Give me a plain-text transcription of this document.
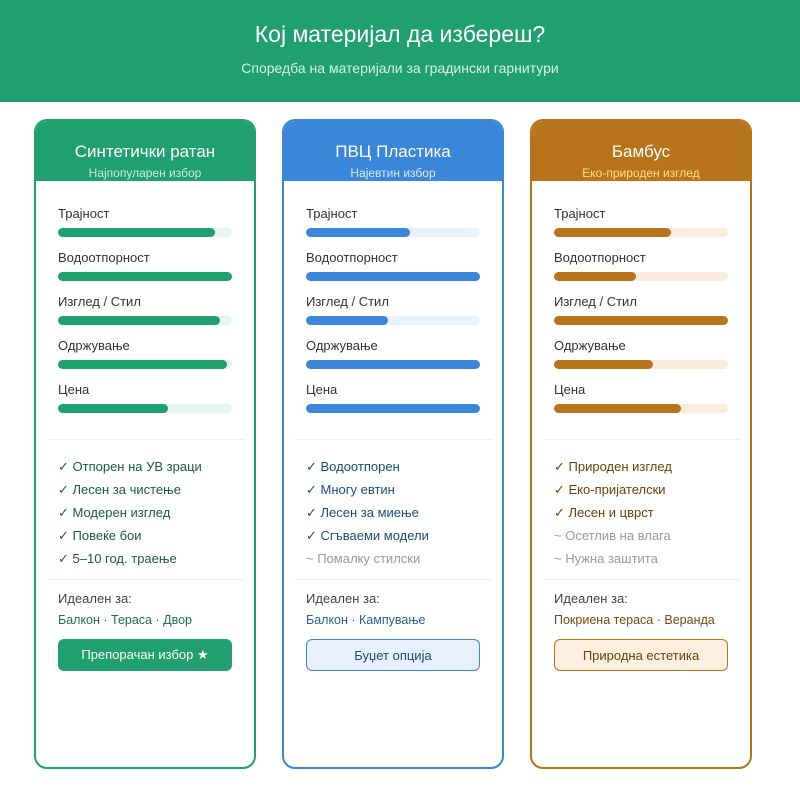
Кој материјал да избереш?
Споредба на материјали за градински гарнитури
Синтетички ратан
Најпопуларен избор
Трајност
Водоотпорност
Изглед / Стил
Одржување
Цена
✓ Отпорен на УВ зраци
✓ Лесен за чистење
✓ Модерен изглед
✓ Повеќе бои
✓ 5–10 год. траење
Идеален за:
Балкон · Тераса · Двор
Препорачан избор ★
ПВЦ Пластика
Најевтин избор
Трајност
Водоотпорност
Изглед / Стил
Одржување
Цена
✓ Водоотпорен
✓ Многу евтин
✓ Лесен за миење
✓ Сгъваеми модели
~ Помалку стилски
Идеален за:
Балкон · Кампување
Буџет опција
Бамбус
Еко-природен изглед
Трајност
Водоотпорност
Изглед / Стил
Одржување
Цена
✓ Природен изглед
✓ Еко-пријателски
✓ Лесен и цврст
~ Осетлив на влага
~ Нужна заштита
Идеален за:
Покриена тераса · Веранда
Природна естетика
